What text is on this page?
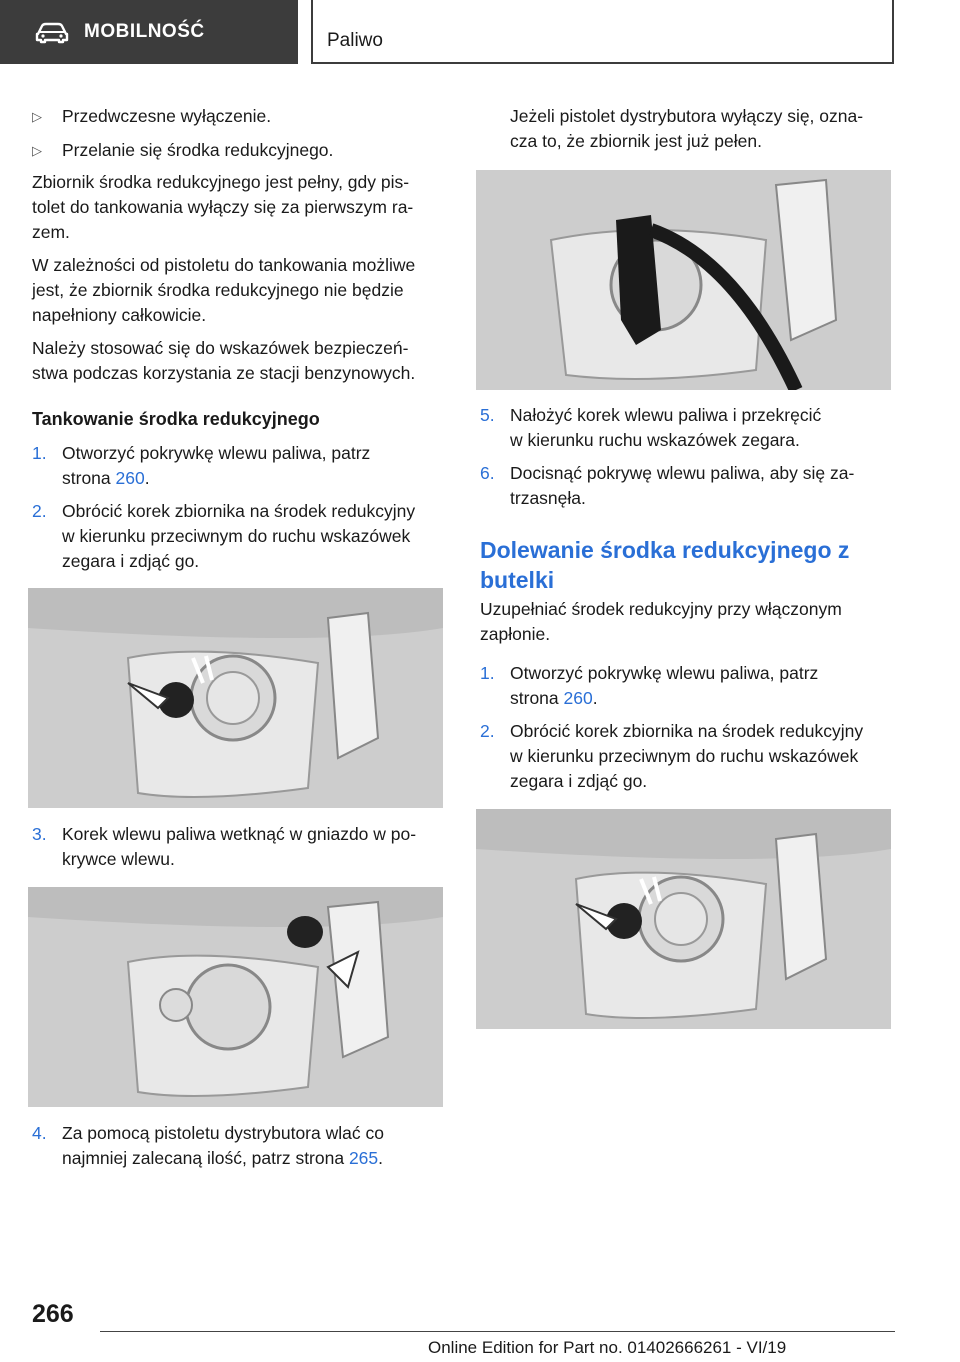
MOBILNOŚĆ	Paliwo
▷	Przedwczesne wyłączenie.
▷	Przelanie się środka redukcyjnego.

Zbiornik środka redukcyjnego jest pełny, gdy pis-

tolet do tankowania wyłączy się za pierwszym ra-

zem.

W zależności od pistoletu do tankowania możliwe

jest, że zbiornik środka redukcyjnego nie będzie

napełniony całkowicie.

Należy stosować się do wskazówek bezpieczeń-

stwa podczas korzystania ze stacji benzynowych.

Tankowanie środka redukcyjnego
1. Otworzyć pokrywkę wlewu paliwa, patrz

strona 260.

2. Obrócić korek zbiornika na środek redukcyjny

w kierunku przeciwnym do ruchu wskazówek

zegara i zdjąć go.

3. Korek wlewu paliwa wetknąć w gniazdo w po-

krywce wlewu.

4. Za pomocą pistoletu dystrybutora wlać co

najmniej zalecaną ilość, patrz strona 265.

Jeżeli pistolet dystrybutora wyłączy się, ozna-

cza to, że zbiornik jest już pełen.

5. Nałożyć korek wlewu paliwa i przekręcić

w kierunku ruchu wskazówek zegara.

6. Docisnąć pokrywę wlewu paliwa, aby się za-

trzasnęła.

Dolewanie środka redukcyjnego z

butelki

Uzupełniać środek redukcyjny przy włączonym

zapłonie.

1. Otworzyć pokrywkę wlewu paliwa, patrz

strona 260.

2. Obrócić korek zbiornika na środek redukcyjny

w kierunku przeciwnym do ruchu wskazówek

zegara i zdjąć go.

266
Online Edition for Part no. 01402666261 - VI/19
